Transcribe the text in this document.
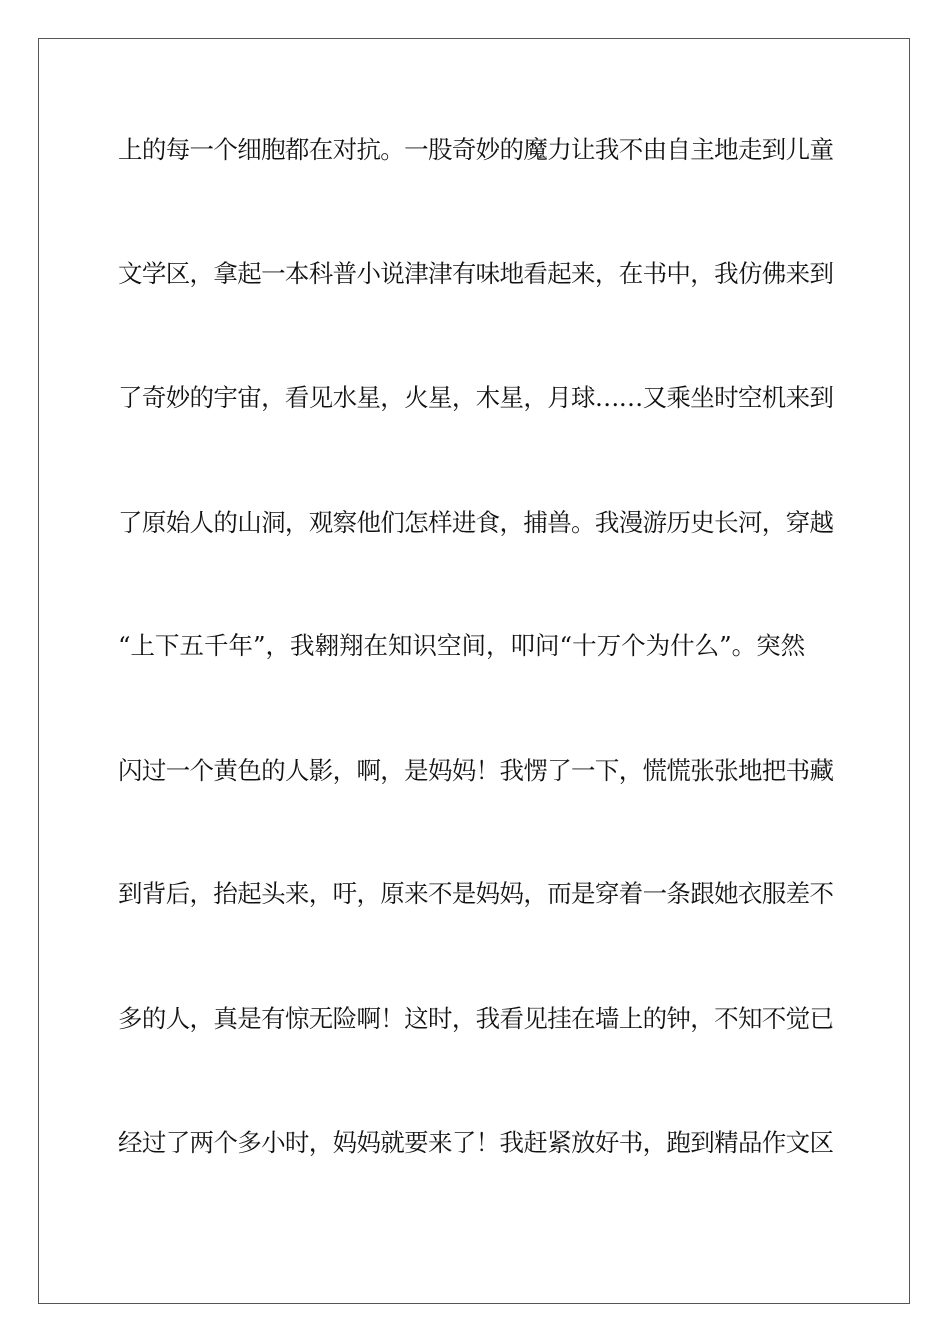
上的每一个细胞都在对抗。一股奇妙的魔力让我不由自主地走到儿童
文学区，拿起一本科普小说津津有味地看起来，在书中，我仿佛来到
了奇妙的宇宙，看见水星，火星，木星，月球……又乘坐时空机来到
了原始人的山洞，观察他们怎样进食，捕兽。我漫游历史长河，穿越
“上下五千年”，我翱翔在知识空间，叩问“十万个为什么”。突然
闪过一个黄色的人影，啊，是妈妈！我愣了一下，慌慌张张地把书藏
到背后，抬起头来，吁，原来不是妈妈，而是穿着一条跟她衣服差不
多的人，真是有惊无险啊！这时，我看见挂在墙上的钟，不知不觉已
经过了两个多小时，妈妈就要来了！我赶紧放好书，跑到精品作文区
